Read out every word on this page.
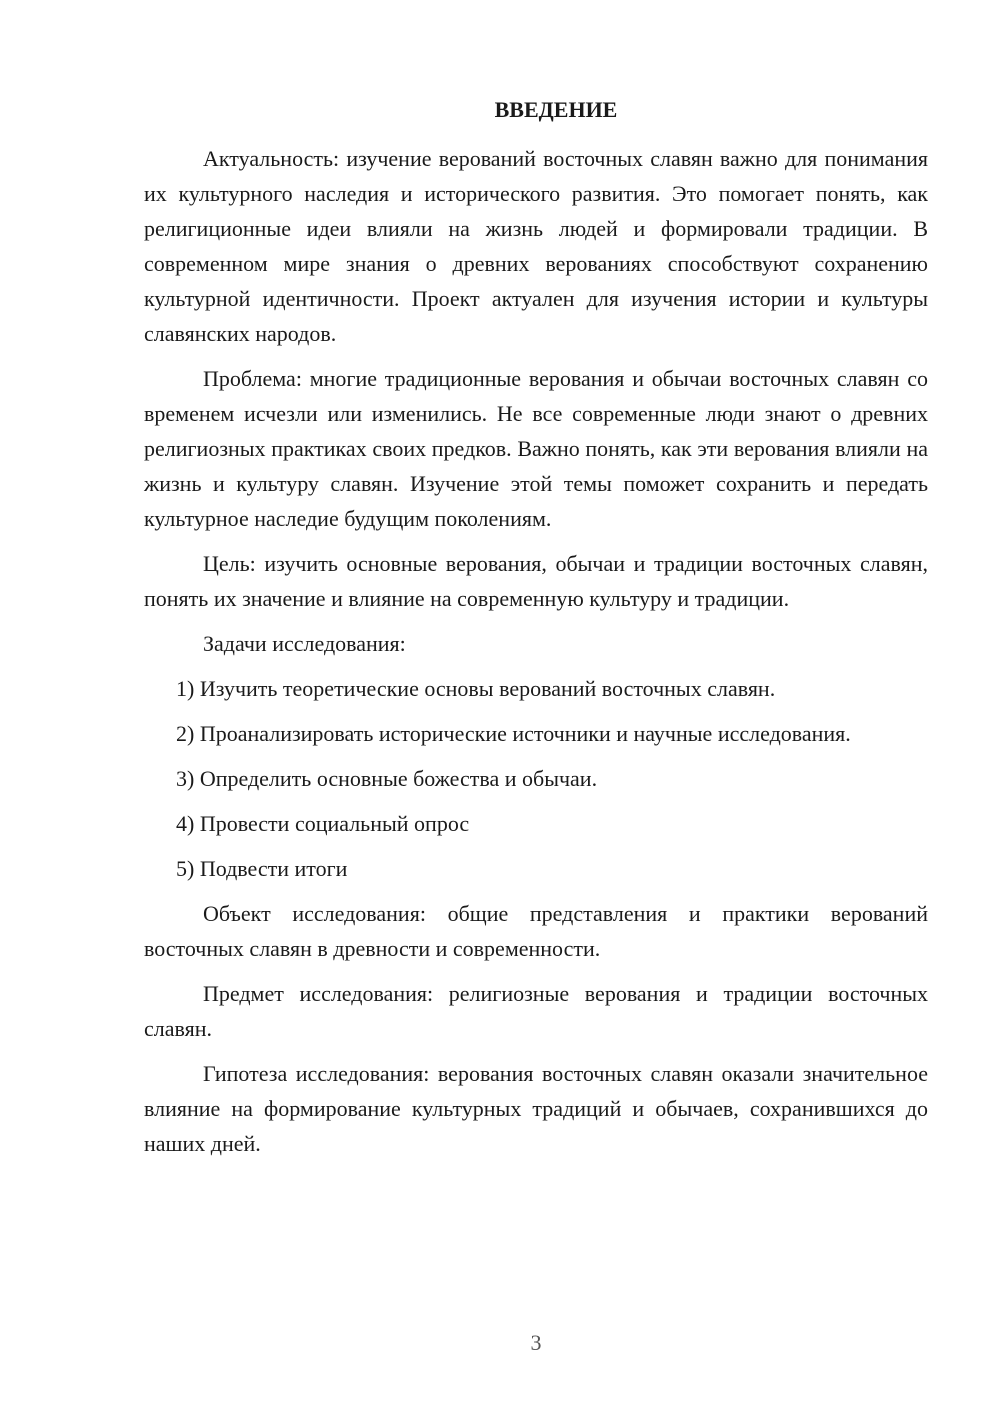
ВВЕДЕНИЕ

Актуальность: изучение верований восточных славян важно для понимания их культурного наследия и исторического развития. Это помогает понять, как религиционные идеи влияли на жизнь людей и формировали традиции. В современном мире знания о древних верованиях способствуют сохранению культурной идентичности. Проект актуален для изучения истории и культуры славянских народов.

Проблема: многие традиционные верования и обычаи восточных славян со временем исчезли или изменились. Не все современные люди знают о древних религиозных практиках своих предков. Важно понять, как эти верования влияли на жизнь и культуру славян. Изучение этой темы поможет сохранить и передать культурное наследие будущим поколениям.

Цель: изучить основные верования, обычаи и традиции восточных славян, понять их значение и влияние на современную культуру и традиции.

Задачи исследования:

1) Изучить теоретические основы верований восточных славян.

2) Проанализировать исторические источники и научные исследования.

3) Определить основные божества и обычаи.

4) Провести социальный опрос

5) Подвести итоги

Объект исследования: общие представления и практики верований восточных славян в древности и современности.

Предмет исследования: религиозные верования и традиции восточных славян.

Гипотеза исследования: верования восточных славян оказали значительное влияние на формирование культурных традиций и обычаев, сохранившихся до наших дней.

3
